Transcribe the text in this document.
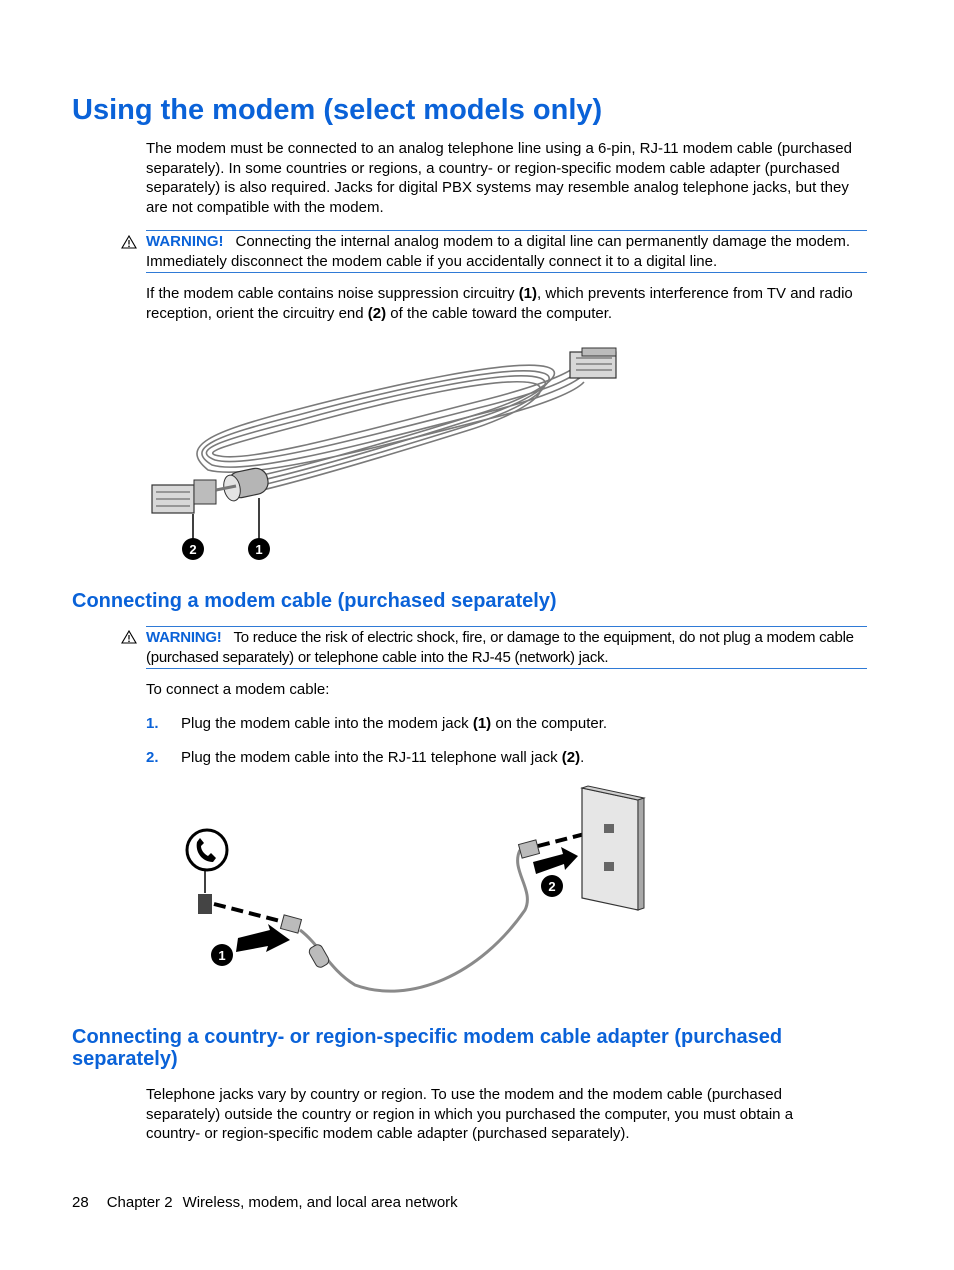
Using the modem (select models only)

The modem must be connected to an analog telephone line using a 6-pin, RJ-11 modem cable (purchased separately). In some countries or regions, a country- or region-specific modem cable adapter (purchased separately) is also required. Jacks for digital PBX systems may resemble analog telephone jacks, but they are not compatible with the modem.

WARNING! Connecting the internal analog modem to a digital line can permanently damage the modem. Immediately disconnect the modem cable if you accidentally connect it to a digital line.

If the modem cable contains noise suppression circuitry (1), which prevents interference from TV and radio reception, orient the circuitry end (2) of the cable toward the computer.

2	1
Connecting a modem cable (purchased separately)
WARNING! To reduce the risk of electric shock, fire, or damage to the equipment, do not plug a modem cable (purchased separately) or telephone cable into the RJ-45 (network) jack.

To connect a modem cable:

1. Plug the modem cable into the modem jack (1) on the computer.
2. Plug the modem cable into the RJ-11 telephone wall jack (2).
1
2
Connecting a country- or region-specific modem cable adapter (purchased separately)

Telephone jacks vary by country or region. To use the modem and the modem cable (purchased separately) outside the country or region in which you purchased the computer, you must obtain a country- or region-specific modem cable adapter (purchased separately).

28 Chapter 2 Wireless, modem, and local area network
